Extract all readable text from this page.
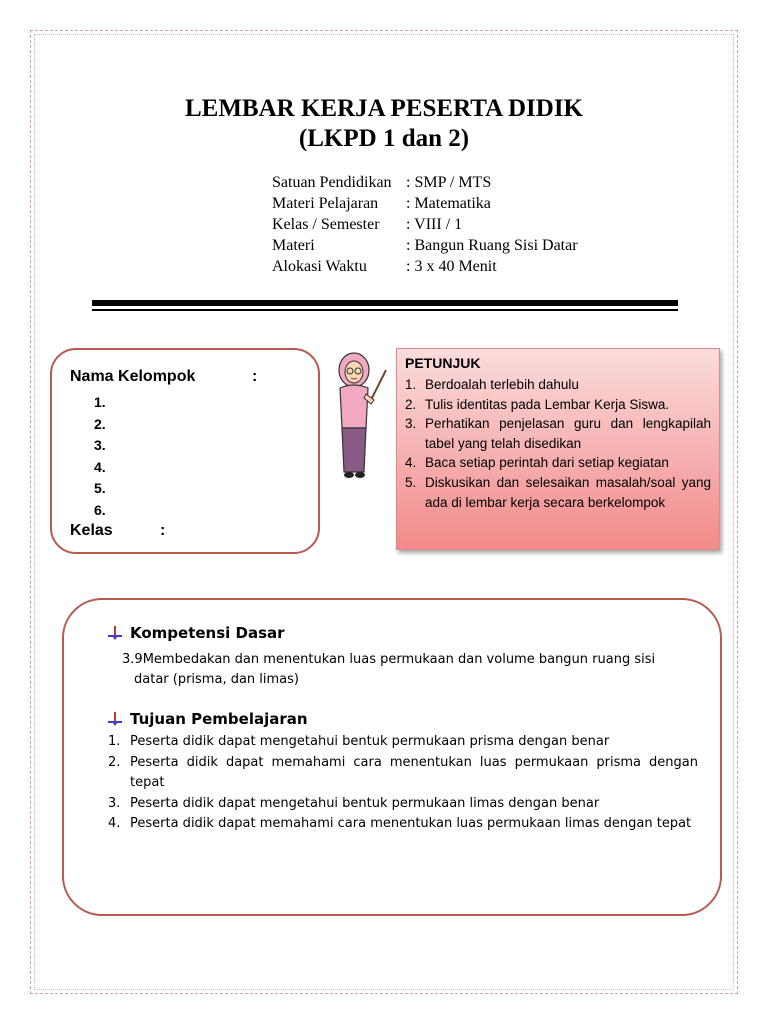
LEMBAR KERJA PESERTA DIDIK
(LKPD 1 dan 2)
Satuan Pendidikan : SMP / MTS
Materi Pelajaran	: Matematika
Kelas / Semester	: VIII / 1
Materi	: Bangun Ruang Sisi Datar
Alokasi Waktu	: 3 x 40 Menit
Nama Kelompok	:
1.
2.
3.
4.
5.
6.
Kelas	:
PETUNJUK
1. Berdoalah terlebih dahulu
2. Tulis identitas pada Lembar Kerja Siswa.
3. Perhatikan penjelasan guru dan lengkapilah tabel yang telah disedikan
4. Baca setiap perintah dari setiap kegiatan
5. Diskusikan dan selesaikan masalah/soal yang ada di lembar kerja secara berkelompok
Kompetensi Dasar
3.9Membedakan dan menentukan luas permukaan dan volume bangun ruang sisi
datar (prisma, dan limas)
Tujuan Pembelajaran
1. Peserta didik dapat mengetahui bentuk permukaan prisma dengan benar
2. Peserta didik dapat memahami cara menentukan luas permukaan prisma dengan tepat
3. Peserta didik dapat mengetahui bentuk permukaan limas dengan benar
4. Peserta didik dapat memahami cara menentukan luas permukaan limas dengan tepat
